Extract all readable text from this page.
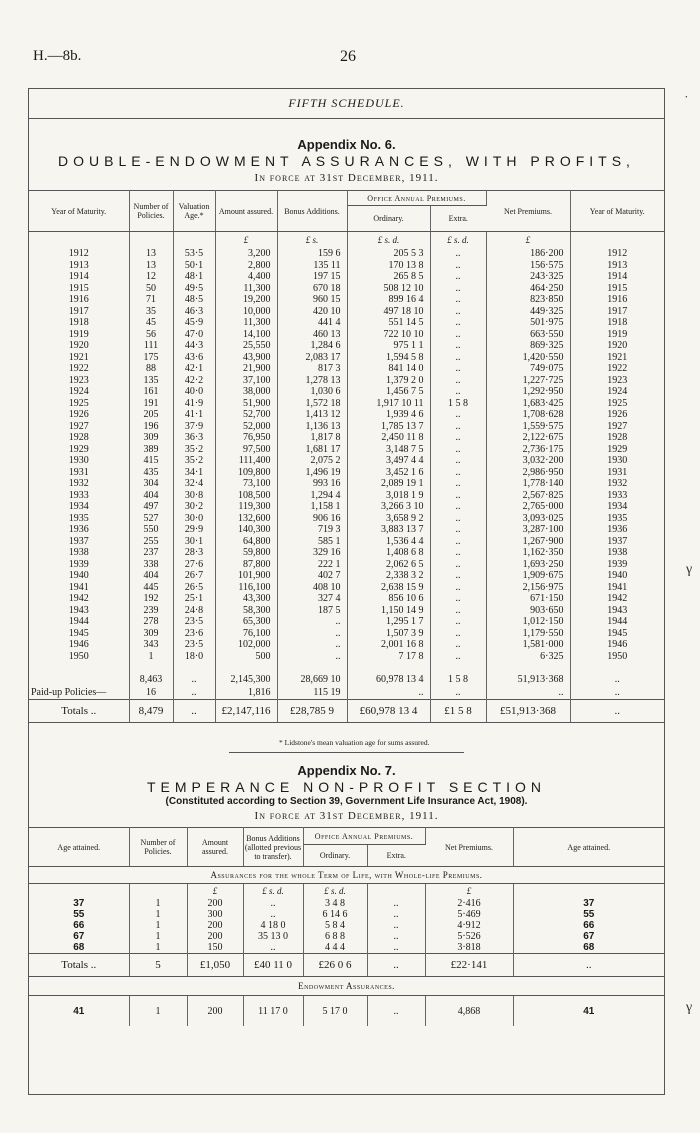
H.—8b.	26
FIFTH SCHEDULE.
Appendix No. 6.
DOUBLE-ENDOWMENT ASSURANCES, WITH PROFITS,
In force at 31st December, 1911.
Year of Maturity.	Number of Policies.	Valuation Age.*	Amount assured.	Bonus Additions.	Office Annual Premiums.		Net Premiums.	Year of Maturity.
					Ordinary.	Extra.		
			£	£ s.	£ s. d.	£ s. d.	£	
1912	13	53·5	3,200	159 6	205 5 3	..	186·200	1912
1913	13	50·1	2,800	135 11	170 13 8	..	156·575	1913
1914	12	48·1	4,400	197 15	265 8 5	..	243·325	1914
1915	50	49·5	11,300	670 18	508 12 10	..	464·250	1915
1916	71	48·5	19,200	960 15	899 16 4	..	823·850	1916
1917	35	46·3	10,000	420 10	497 18 10	..	449·325	1917
1918	45	45·9	11,300	441 4	551 14 5	..	501·975	1918
1919	56	47·0	14,100	460 13	722 10 10	..	663·550	1919
1920	111	44·3	25,550	1,284 6	975 1 1	..	869·325	1920
1921	175	43·6	43,900	2,083 17	1,594 5 8	..	1,420·550	1921
1922	88	42·1	21,900	817 3	841 14 0	..	749·075	1922
1923	135	42·2	37,100	1,278 13	1,379 2 0	..	1,227·725	1923
1924	161	40·0	38,000	1,030 6	1,456 7 5	..	1,292·950	1924
1925	191	41·9	51,900	1,572 18	1,917 10 11	1 5 8	1,683·425	1925
1926	205	41·1	52,700	1,413 12	1,939 4 6	..	1,708·628	1926
1927	196	37·9	52,000	1,136 13	1,785 13 7	..	1,559·575	1927
1928	309	36·3	76,950	1,817 8	2,450 11 8	..	2,122·675	1928
1929	389	35·2	97,500	1,681 17	3,148 7 5	..	2,736·175	1929
1930	415	35·2	111,400	2,075 2	3,497 4 4	..	3,032·200	1930
1931	435	34·1	109,800	1,496 19	3,452 1 6	..	2,986·950	1931
1932	304	32·4	73,100	993 16	2,089 19 1	..	1,778·140	1932
1933	404	30·8	108,500	1,294 4	3,018 1 9	..	2,567·825	1933
1934	497	30·2	119,300	1,158 1	3,266 3 10	..	2,765·000	1934
1935	527	30·0	132,600	906 16	3,658 9 2	..	3,093·025	1935
1936	550	29·9	140,300	719 3	3,883 13 7	..	3,287·100	1936
1937	255	30·1	64,800	585 1	1,536 4 4	..	1,267·900	1937
1938	237	28·3	59,800	329 16	1,408 6 8	..	1,162·350	1938
1939	338	27·6	87,800	222 1	2,062 6 5	..	1,693·250	1939
1940	404	26·7	101,900	402 7	2,338 3 2	..	1,909·675	1940
1941	445	26·5	116,100	408 10	2,638 15 9	..	2,156·975	1941
1942	192	25·1	43,300	327 4	856 10 6	..	671·150	1942
1943	239	24·8	58,300	187 5	1,150 14 9	..	903·650	1943
1944	278	23·5	65,300	..	1,295 1 7	..	1,012·150	1944
1945	309	23·6	76,100	..	1,507 3 9	..	1,179·550	1945
1946	343	23·5	102,000	..	2,001 16 8	..	1,581·000	1946
1950	1	18·0	500	..	7 17 8	..	6·325	1950
	8,463	..	2,145,300	28,669 10	60,978 13 4	1 5 8	51,913·368	..
Paid-up Policies—	16	..	1,816	115 19	..	..	..	..
Totals ..	8,479	..	£2,147,116	£28,785 9	£60,978 13 4	£1 5 8	£51,913·368	..
* Lidstone's mean valuation age for sums assured.
Appendix No. 7.
TEMPERANCE NON-PROFIT SECTION
(Constituted according to Section 39, Government Life Insurance Act, 1908).
In force at 31st December, 1911.
Age attained.	Number of Policies.	Amount assured.	Bonus Additions (allotted previous to transfer).	Office Annual Premiums.		Net Premiums.	Age attained.
				Ordinary.	Extra.		
Assurances for the whole Term of Life, with Whole-life Premiums.							
		£	£ s. d.	£ s. d.		£	
37	1	200	..	3 4 8	..	2·416	37
55	1	300	..	6 14 6	..	5·469	55
66	1	200	4 18 0	5 8 4	..	4·912	66
67	1	200	35 13 0	6 8 8	..	5·526	67
68	1	150	..	4 4 4	..	3·818	68
Totals ..	5	£1,050	£40 11 0	£26 0 6	..	£22·141	..
Endowment Assurances.							
41	1	200	11 17 0	5 17 0	..	4,868	41
˙
γ
γ
